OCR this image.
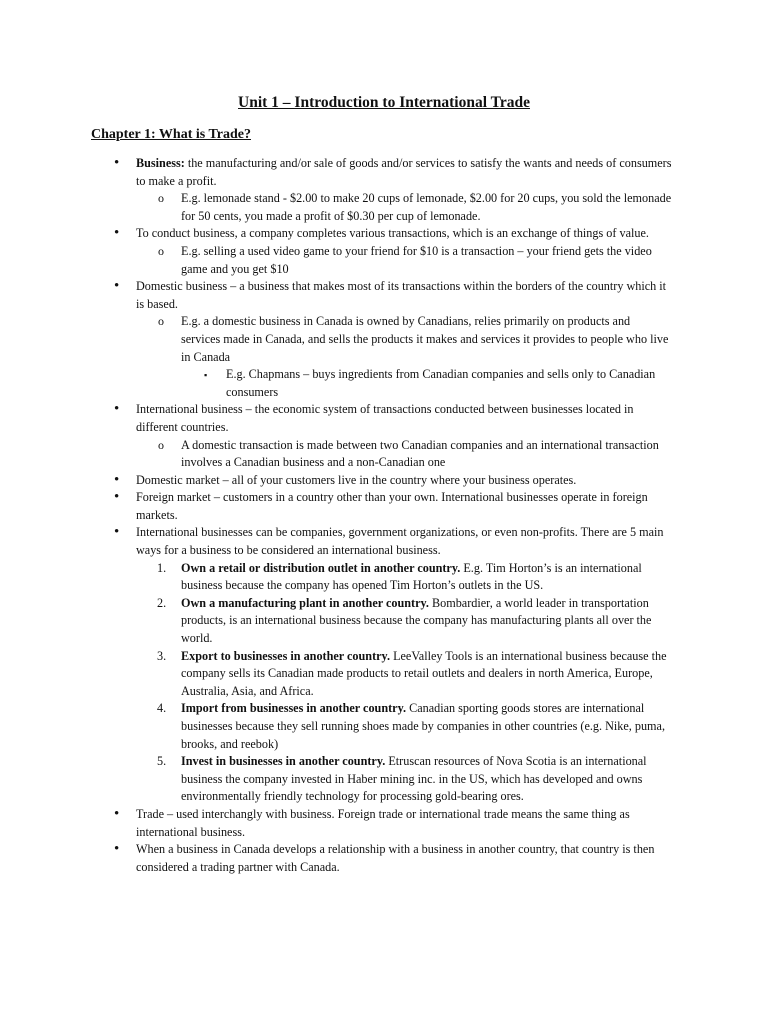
Unit 1 – Introduction to International Trade
Chapter 1: What is Trade?
• Business: the manufacturing and/or sale of goods and/or services to satisfy the wants and needs of consumers to make a profit.
o E.g. lemonade stand - $2.00 to make 20 cups of lemonade, $2.00 for 20 cups, you sold the lemonade for 50 cents, you made a profit of $0.30 per cup of lemonade.
• To conduct business, a company completes various transactions, which is an exchange of things of value.
o E.g. selling a used video game to your friend for $10 is a transaction – your friend gets the video game and you get $10
• Domestic business – a business that makes most of its transactions within the borders of the country which it is based.
o E.g. a domestic business in Canada is owned by Canadians, relies primarily on products and services made in Canada, and sells the products it makes and services it provides to people who live in Canada
▪ E.g. Chapmans – buys ingredients from Canadian companies and sells only to Canadian consumers
• International business – the economic system of transactions conducted between businesses located in different countries.
o A domestic transaction is made between two Canadian companies and an international transaction involves a Canadian business and a non-Canadian one
• Domestic market – all of your customers live in the country where your business operates.
• Foreign market – customers in a country other than your own. International businesses operate in foreign markets.
• International businesses can be companies, government organizations, or even non-profits. There are 5 main ways for a business to be considered an international business.
1. Own a retail or distribution outlet in another country. E.g. Tim Horton’s is an international business because the company has opened Tim Horton’s outlets in the US.
2. Own a manufacturing plant in another country. Bombardier, a world leader in transportation products, is an international business because the company has manufacturing plants all over the world.
3. Export to businesses in another country. LeeValley Tools is an international business because the company sells its Canadian made products to retail outlets and dealers in north America, Europe, Australia, Asia, and Africa.
4. Import from businesses in another country. Canadian sporting goods stores are international businesses because they sell running shoes made by companies in other countries (e.g. Nike, puma, brooks, and reebok)
5. Invest in businesses in another country. Etruscan resources of Nova Scotia is an international business the company invested in Haber mining inc. in the US, which has developed and owns environmentally friendly technology for processing gold-bearing ores.
• Trade – used interchangly with business. Foreign trade or international trade means the same thing as international business.
• When a business in Canada develops a relationship with a business in another country, that country is then considered a trading partner with Canada.
